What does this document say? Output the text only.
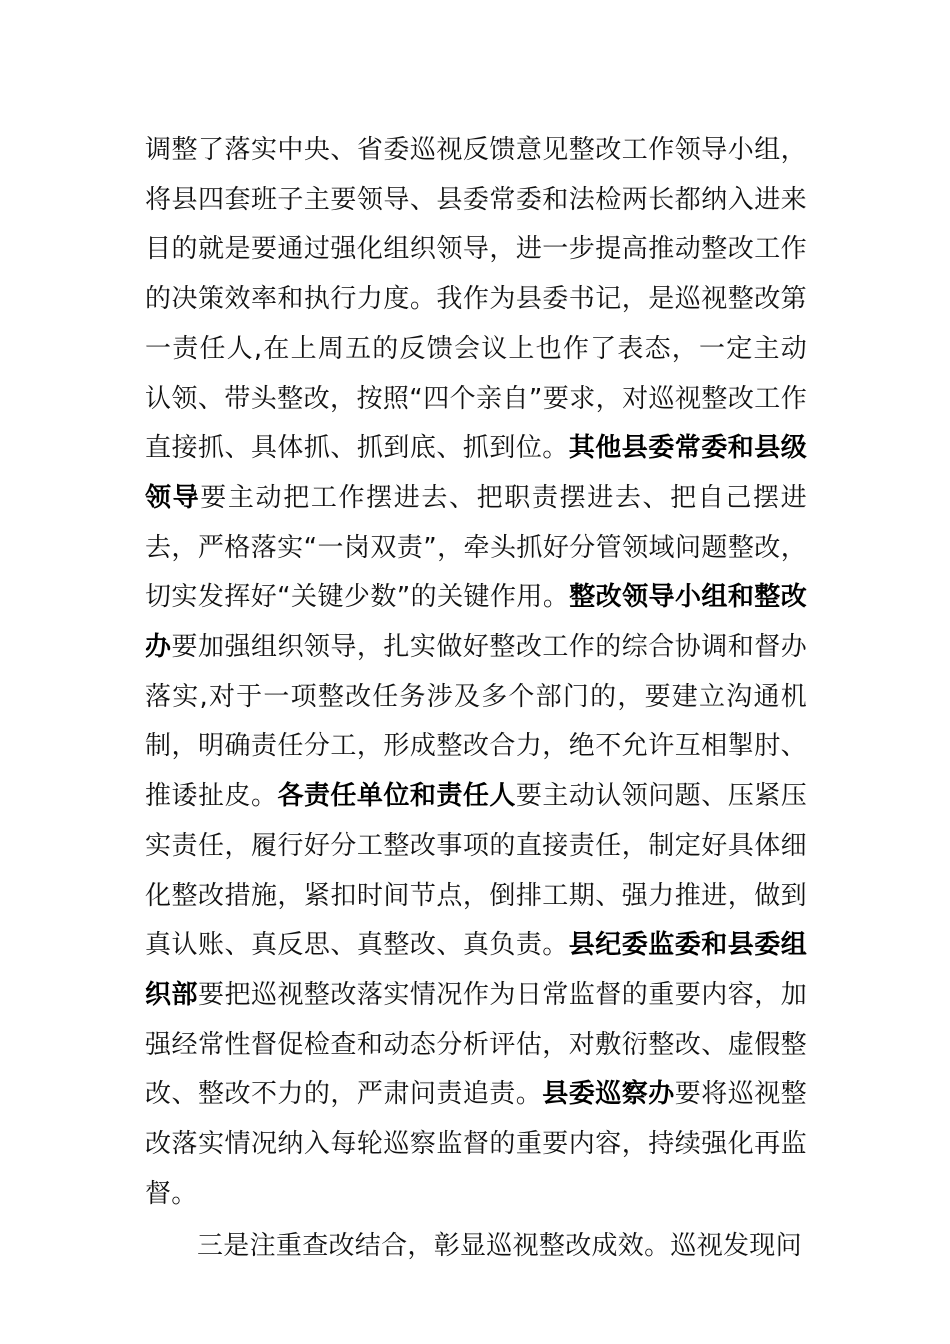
调整了落实中央、省委巡视反馈意见整改工作领导小组，将县四套班子主要领导、县委常委和法检两长都纳入进来目的就是要通过强化组织领导，进一步提高推动整改工作的决策效率和执行力度。我作为县委书记，是巡视整改第一责任人,在上周五的反馈会议上也作了表态，一定主动认领、带头整改，按照“四个亲自”要求，对巡视整改工作直接抓、具体抓、抓到底、抓到位。其他县委常委和县级领导要主动把工作摆进去、把职责摆进去、把自己摆进去，严格落实“一岗双责”，牵头抓好分管领域问题整改，切实发挥好“关键少数”的关键作用。整改领导小组和整改办要加强组织领导，扎实做好整改工作的综合协调和督办落实,对于一项整改任务涉及多个部门的，要建立沟通机制，明确责任分工，形成整改合力，绝不允许互相掣肘、推诿扯皮。各责任单位和责任人要主动认领问题、压紧压实责任，履行好分工整改事项的直接责任，制定好具体细化整改措施，紧扣时间节点，倒排工期、强力推进，做到真认账、真反思、真整改、真负责。县纪委监委和县委组织部要把巡视整改落实情况作为日常监督的重要内容，加强经常性督促检查和动态分析评估，对敷衍整改、虚假整改、整改不力的，严肃问责追责。县委巡察办要将巡视整改落实情况纳入每轮巡察监督的重要内容，持续强化再监督。

三是注重查改结合，彰显巡视整改成效。巡视发现问
